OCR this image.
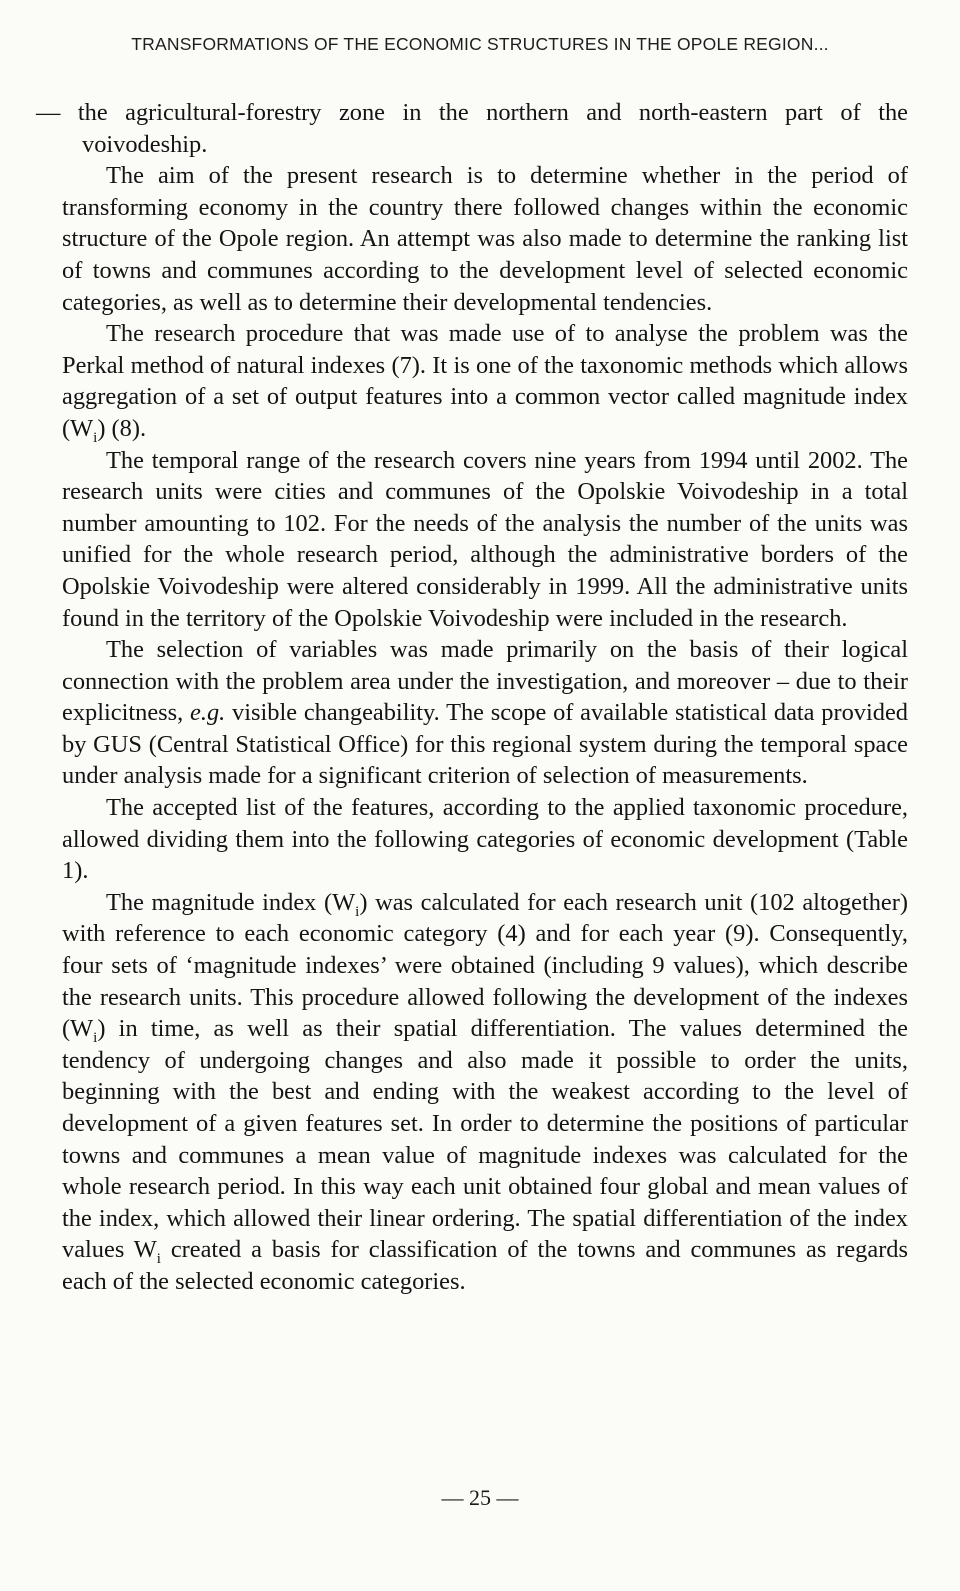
TRANSFORMATIONS OF THE ECONOMIC STRUCTURES IN THE OPOLE REGION...

— the agricultural-forestry zone in the northern and north-eastern part of the voivodeship.

The aim of the present research is to determine whether in the period of transforming economy in the country there followed changes within the economic structure of the Opole region. An attempt was also made to determine the ranking list of towns and communes according to the development level of selected economic categories, as well as to determine their developmental tendencies.

The research procedure that was made use of to analyse the problem was the Perkal method of natural indexes (7). It is one of the taxonomic methods which allows aggregation of a set of output features into a common vector called magnitude index $(W_i)$ (8).

The temporal range of the research covers nine years from 1994 until 2002. The research units were cities and communes of the Opolskie Voivodeship in a total number amounting to 102. For the needs of the analysis the number of the units was unified for the whole research period, although the administrative borders of the Opolskie Voivodeship were altered considerably in 1999. All the administrative units found in the territory of the Opolskie Voivodeship were included in the research.

The selection of variables was made primarily on the basis of their logical connection with the problem area under the investigation, and moreover – due to their explicitness, e.g. visible changeability. The scope of available statistical data provided by GUS (Central Statistical Office) for this regional system during the temporal space under analysis made for a significant criterion of selection of measurements.

The accepted list of the features, according to the applied taxonomic procedure, allowed dividing them into the following categories of economic development (Table 1).

The magnitude index $(W_i)$ was calculated for each research unit (102 altogether) with reference to each economic category (4) and for each year (9). Consequently, four sets of ‘magnitude indexes’ were obtained (including 9 values), which describe the research units. This procedure allowed following the development of the indexes $(W_i)$ in time, as well as their spatial differentiation. The values determined the tendency of undergoing changes and also made it possible to order the units, beginning with the best and ending with the weakest according to the level of development of a given features set. In order to determine the positions of particular towns and communes a mean value of magnitude indexes was calculated for the whole research period. In this way each unit obtained four global and mean values of the index, which allowed their linear ordering. The spatial differentiation of the index values $W_i$ created a basis for classification of the towns and communes as regards each of the selected economic categories.

— 25 —
